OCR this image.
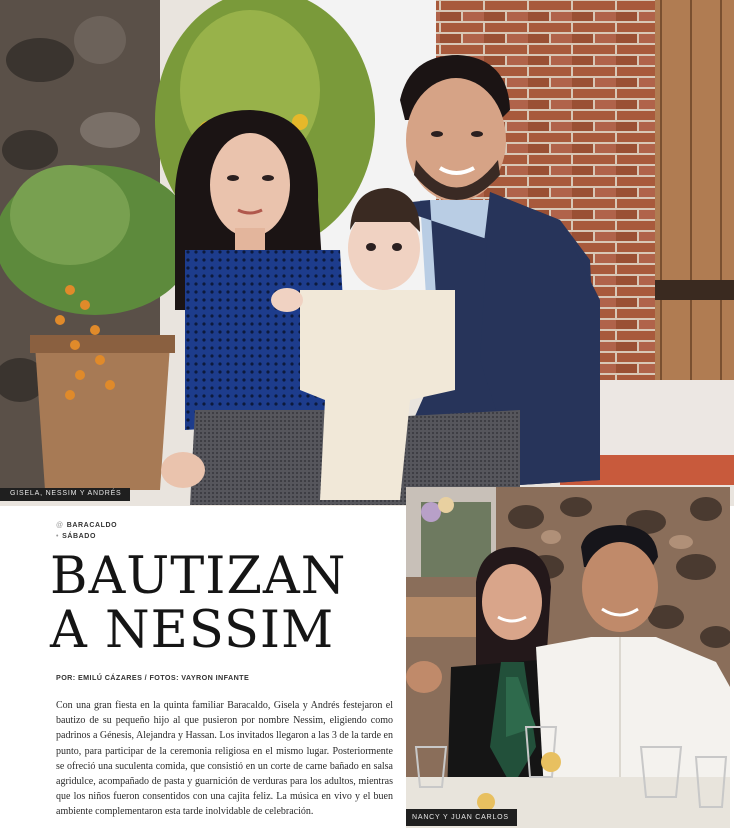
GISELA, NESSIM Y ANDRÉS
NANCY Y JUAN CARLOS
@ BARACALDO
• SÁBADO
BAUTIZAN
A NESSIM
POR: EMILÚ CÁZARES / FOTOS: VAYRON INFANTE

Con una gran fiesta en la quinta familiar Baracaldo, Gisela y Andrés festejaron el bautizo de su pequeño hijo al que pusieron por nombre Nessim, eligiendo como padrinos a Génesis, Alejandra y Hassan. Los invitados llegaron a las 3 de la tarde en punto, para participar de la ceremonia religiosa en el mismo lugar. Posteriormente se ofreció una suculenta comida, que consistió en un corte de carne bañado en salsa agridulce, acompañado de pasta y guarnición de verduras para los adultos, mientras que los niños fueron consentidos con una cajita feliz. La música en vivo y el buen ambiente complementaron esta tarde inolvidable de celebración.
